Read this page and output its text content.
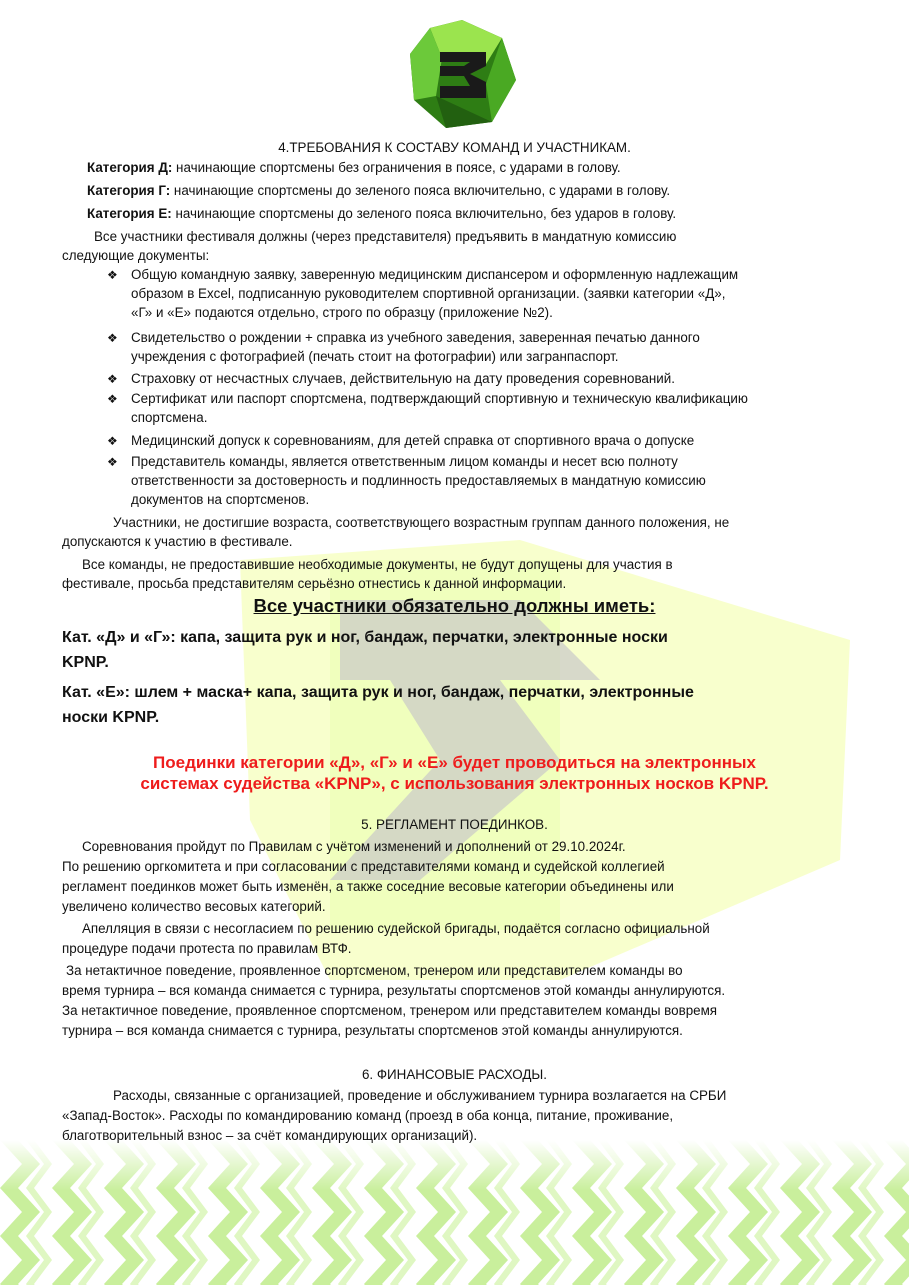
4.ТРЕБОВАНИЯ К СОСТАВУ КОМАНД И УЧАСТНИКАМ.
Категория Д: начинающие спортсмены без ограничения в поясе, с ударами в голову.
Категория Г: начинающие спортсмены до зеленого пояса включительно, с ударами в голову.
Категория Е: начинающие спортсмены до зеленого пояса включительно, без ударов в голову.
Все участники фестиваля должны (через представителя) предъявить в мандатную комиссию
следующие документы:
❖ Общую командную заявку, заверенную медицинским диспансером и оформленную надлежащим
образом в Excel, подписанную руководителем спортивной организации. (заявки категории «Д»,
«Г» и «Е» подаются отдельно, строго по образцу (приложение №2).
❖ Свидетельство о рождении + справка из учебного заведения, заверенная печатью данного
учреждения с фотографией (печать стоит на фотографии) или загранпаспорт.
❖ Страховку от несчастных случаев, действительную на дату проведения соревнований.
❖ Сертификат или паспорт спортсмена, подтверждающий спортивную и техническую квалификацию
спортсмена.
❖ Медицинский допуск к соревнованиям, для детей справка от спортивного врача о допуске
❖ Представитель команды, является ответственным лицом команды и несет всю полноту
ответственности за достоверность и подлинность предоставляемых в мандатную комиссию
документов на спортсменов.
Участники, не достигшие возраста, соответствующего возрастным группам данного положения, не
допускаются к участию в фестивале.
Все команды, не предоставившие необходимые документы, не будут допущены для участия в
фестивале, просьба представителям серьёзно отнестись к данной информации.
Все участники обязательно должны иметь:
Кат. «Д» и «Г»: капа, защита рук и ног, бандаж, перчатки, электронные носки
KPNP.
Кат. «Е»: шлем + маска+ капа, защита рук и ног, бандаж, перчатки, электронные
носки KPNP.
Поединки категории «Д», «Г» и «Е» будет проводиться на электронных
системах судейства «KPNP», с использования электронных носков KPNP.
5. РЕГЛАМЕНТ ПОЕДИНКОВ.
Соревнования пройдут по Правилам с учётом изменений и дополнений от 29.10.2024г.
По решению оргкомитета и при согласовании с представителями команд и судейской коллегией
регламент поединков может быть изменён, а также соседние весовые категории объединены или
увеличено количество весовых категорий.
Апелляция в связи с несогласием по решению судейской бригады, подаётся согласно официальной
процедуре подачи протеста по правилам ВТФ.
За нетактичное поведение, проявленное спортсменом, тренером или представителем команды во
время турнира – вся команда снимается с турнира, результаты спортсменов этой команды аннулируются.
За нетактичное поведение, проявленное спортсменом, тренером или представителем команды вовремя
турнира – вся команда снимается с турнира, результаты спортсменов этой команды аннулируются.
6. ФИНАНСОВЫЕ РАСХОДЫ.
Расходы, связанные с организацией, проведение и обслуживанием турнира возлагается на СРБИ
«Запад-Восток». Расходы по командированию команд (проезд в оба конца, питание, проживание,
благотворительный взнос – за счёт командирующих организаций).
